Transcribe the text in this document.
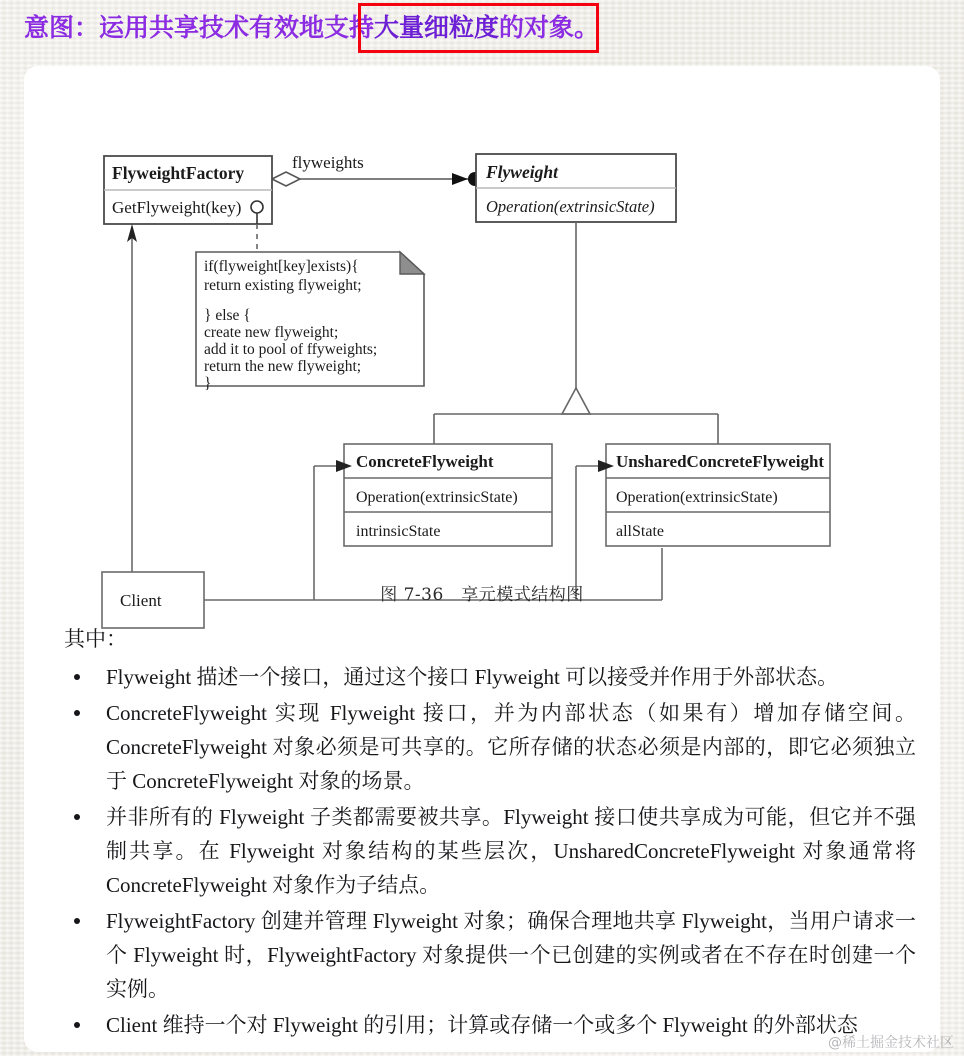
意图：运用共享技术有效地支持大量细粒度的对象。
flyweights
FlyweightFactory
GetFlyweight(key)
if(flyweight[key]exists){
return existing flyweight;
} else {
create new flyweight;
add it to pool of ffyweights;
return the new flyweight;
}
Flyweight
Operation(extrinsicState)
ConcreteFlyweight
Operation(extrinsicState)
intrinsicState
UnsharedConcreteFlyweight
Operation(extrinsicState)
allState
Client	图 7-36　享元模式结构图

其中：

Flyweight 描述一个接口，通过这个接口 Flyweight 可以接受并作用于外部状态。
ConcreteFlyweight 实现 Flyweight 接口，并为内部状态（如果有）增加存储空间。ConcreteFlyweight 对象必须是可共享的。它所存储的状态必须是内部的，即它必须独立于 ConcreteFlyweight 对象的场景。
并非所有的 Flyweight 子类都需要被共享。Flyweight 接口使共享成为可能，但它并不强制共享。在 Flyweight 对象结构的某些层次，UnsharedConcreteFlyweight 对象通常将 ConcreteFlyweight 对象作为子结点。
FlyweightFactory 创建并管理 Flyweight 对象；确保合理地共享 Flyweight，当用户请求一个 Flyweight 时，FlyweightFactory 对象提供一个已创建的实例或者在不存在时创建一个实例。
Client 维持一个对 Flyweight 的引用；计算或存储一个或多个 Flyweight 的外部状态
@稀土掘金技术社区
